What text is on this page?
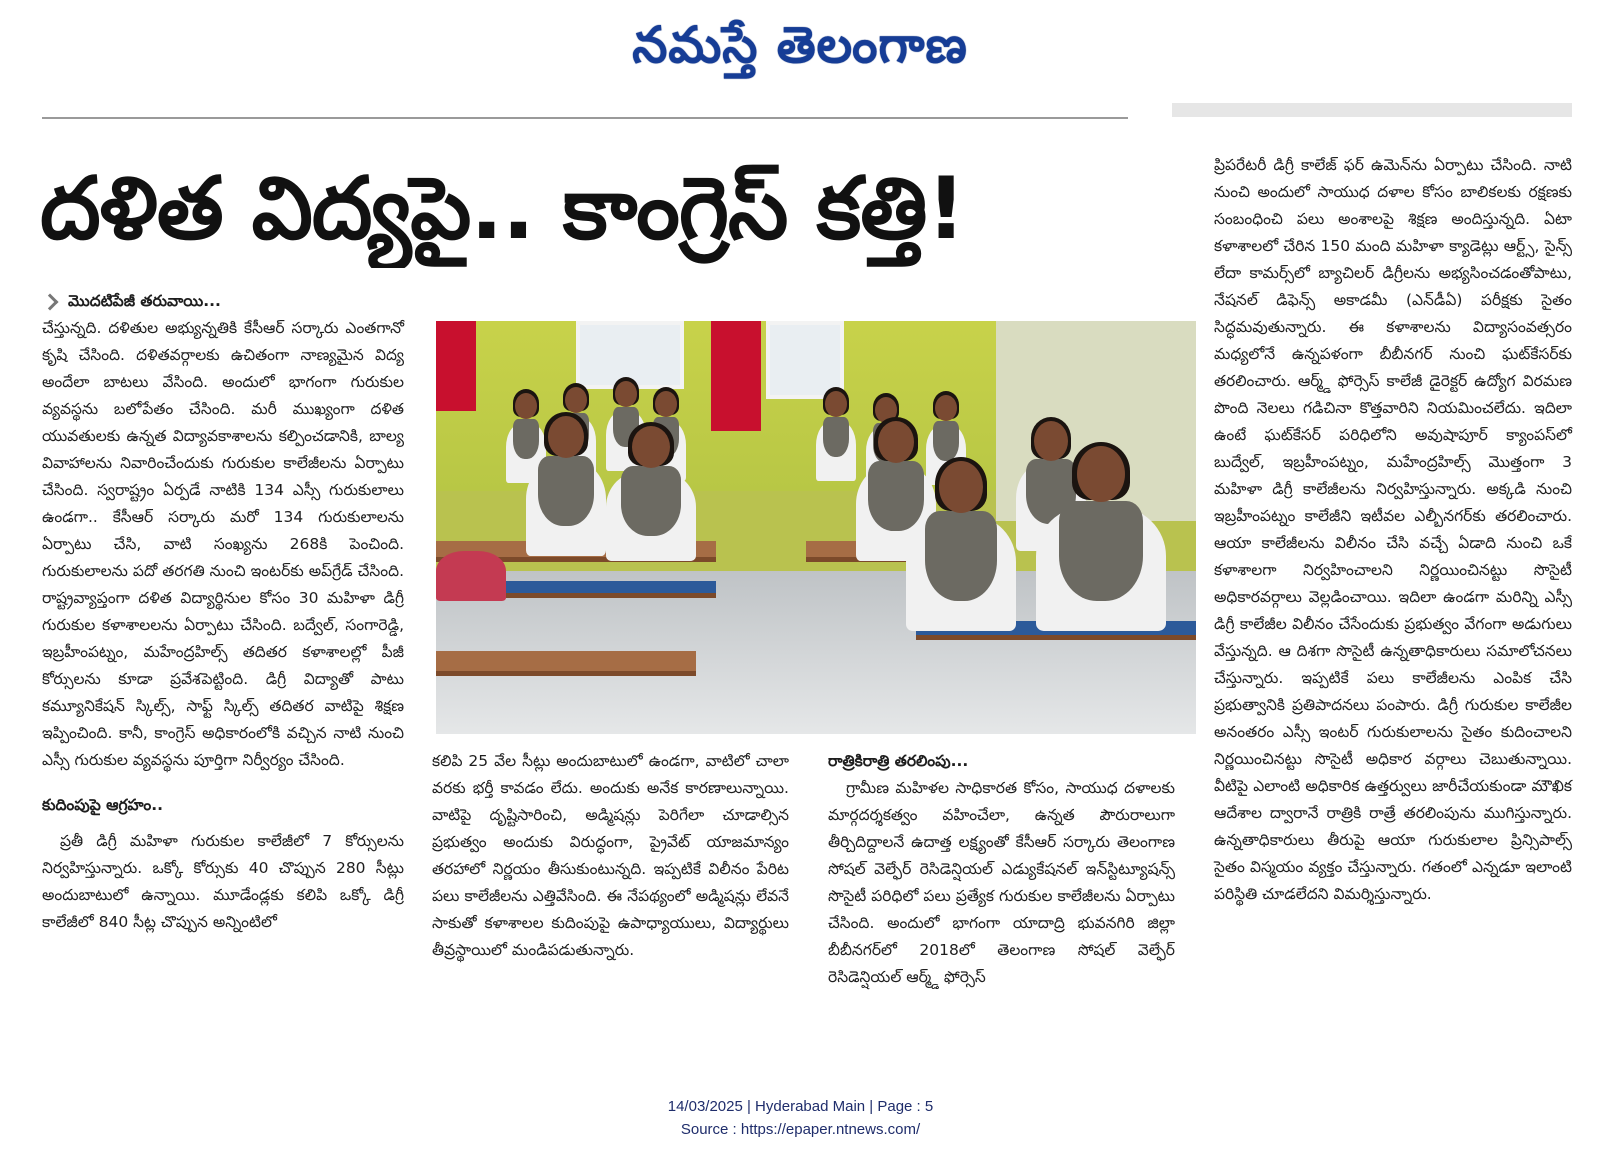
నమస్తే తెలంగాణ
దళిత విద్యపై.. కాంగ్రెస్ కత్తి!
మొదటిపేజీ తరువాయి...

చేస్తున్నది. దళితుల అభ్యున్నతికి కేసీఆర్ సర్కారు ఎంతగానో కృషి చేసింది. దళితవర్గాలకు ఉచితంగా నాణ్యమైన విద్య అందేలా బాటలు వేసింది. అందులో భాగంగా గురుకుల వ్యవస్థను బలోపేతం చేసింది. మరీ ముఖ్యంగా దళిత యువతులకు ఉన్నత విద్యావకాశాలను కల్పించడానికి, బాల్య వివాహాలను నివారించేందుకు గురుకుల కాలేజీలను ఏర్పాటు చేసింది. స్వరాష్ట్రం ఏర్పడే నాటికి 134 ఎస్సీ గురుకులాలు ఉండగా.. కేసీఆర్ సర్కారు మరో 134 గురుకులాలను ఏర్పాటు చేసి, వాటి సంఖ్యను 268కి పెంచింది. గురుకులాలను పదో తరగతి నుంచి ఇంటర్‌కు అప్‌గ్రేడ్ చేసింది. రాష్ట్రవ్యాప్తంగా దళిత విద్యార్థినుల కోసం 30 మహిళా డిగ్రీ గురుకుల కళాశాలలను ఏర్పాటు చేసింది. బద్వేల్, సంగారెడ్డి, ఇబ్రహీంపట్నం, మహేంద్రహిల్స్ తదితర కళాశాలల్లో పీజీ కోర్సులను కూడా ప్రవేశపెట్టింది. డిగ్రీ విద్యాతో పాటు కమ్యూనికేషన్ స్కిల్స్, సాఫ్ట్ స్కిల్స్ తదితర వాటిపై శిక్షణ ఇప్పించింది. కానీ, కాంగ్రెస్ అధికారంలోకి వచ్చిన నాటి నుంచి ఎస్సీ గురుకుల వ్యవస్థను పూర్తిగా నిర్వీర్యం చేసింది.

కుదింపుపై ఆగ్రహం..

ప్రతీ డిగ్రీ మహిళా గురుకుల కాలేజీలో 7 కోర్సులను నిర్వహిస్తున్నారు. ఒక్కో కోర్సుకు 40 చొప్పున 280 సీట్లు అందుబాటులో ఉన్నాయి. మూడేండ్లకు కలిపి ఒక్కో డిగ్రీ కాలేజీలో 840 సీట్ల చొప్పున అన్నింటిలో

కలిపి 25 వేల సీట్లు అందుబాటులో ఉండగా, వాటిలో చాలా వరకు భర్తీ కావడం లేదు. అందుకు అనేక కారణాలున్నాయి. వాటిపై దృష్టిసారించి, అడ్మిషన్లు పెరిగేలా చూడాల్సిన ప్రభుత్వం అందుకు విరుద్ధంగా, ప్రైవేట్ యాజమాన్యం తరహాలో నిర్ణయం తీసుకుంటున్నది. ఇప్పటికే విలీనం పేరిట పలు కాలేజీలను ఎత్తివేసింది. ఈ నేపథ్యంలో అడ్మిషన్లు లేవనే సాకుతో కళాశాలల కుదింపుపై ఉపాధ్యాయులు, విద్యార్థులు తీవ్రస్థాయిలో మండిపడుతున్నారు.

రాత్రికిరాత్రి తరలింపు...

గ్రామీణ మహిళల సాధికారత కోసం, సాయుధ దళాలకు మార్గదర్శకత్వం వహించేలా, ఉన్నత పౌరురాలుగా తీర్చిదిద్దాలనే ఉదాత్త లక్ష్యంతో కేసీఆర్ సర్కారు తెలంగాణ సోషల్ వెల్ఫేర్ రెసిడెన్షియల్ ఎడ్యుకేషనల్ ఇన్‌స్టిట్యూషన్స్ సొసైటీ పరిధిలో పలు ప్రత్యేక గురుకుల కాలేజీలను ఏర్పాటు చేసింది. అందులో భాగంగా యాదాద్రి భువనగిరి జిల్లా బీబీనగర్‌లో 2018లో తెలంగాణ సోషల్ వెల్ఫేర్ రెసిడెన్షియల్ ఆర్మ్డ్ ఫోర్సెస్

ప్రిపరేటరీ డిగ్రీ కాలేజ్ ఫర్ ఉమెన్‌ను ఏర్పాటు చేసింది. నాటి నుంచి అందులో సాయుధ దళాల కోసం బాలికలకు రక్షణకు సంబంధించి పలు అంశాలపై శిక్షణ అందిస్తున్నది. ఏటా కళాశాలలో చేరిన 150 మంది మహిళా క్యాడెట్లు ఆర్ట్స్, సైన్స్ లేదా కామర్స్‌లో బ్యాచిలర్ డిగ్రీలను అభ్యసించడంతోపాటు, నేషనల్ డిఫెన్స్ అకాడమీ (ఎన్‌డీఏ) పరీక్షకు సైతం సిద్ధమవుతున్నారు. ఈ కళాశాలను విద్యాసంవత్సరం మధ్యలోనే ఉన్నపళంగా బీబీనగర్ నుంచి ఘట్‌కేసర్‌కు తరలించారు. ఆర్మ్డ్ ఫోర్సెస్ కాలేజీ డైరెక్టర్ ఉద్యోగ విరమణ పొంది నెలలు గడిచినా కొత్తవారిని నియమించలేదు. ఇదిలా ఉంటే ఘట్‌కేసర్ పరిధిలోని అవుషాపూర్ క్యాంపస్‌లో బుద్వేల్, ఇబ్రహీంపట్నం, మహేంద్రహిల్స్ మొత్తంగా 3 మహిళా డిగ్రీ కాలేజీలను నిర్వహిస్తున్నారు. అక్కడి నుంచి ఇబ్రహీంపట్నం కాలేజీని ఇటీవల ఎల్బీనగర్‌కు తరలించారు. ఆయా కాలేజీలను విలీనం చేసి వచ్చే ఏడాది నుంచి ఒకే కళాశాలగా నిర్వహించాలని నిర్ణయించినట్టు సొసైటీ అధికారవర్గాలు వెల్లడించాయి. ఇదిలా ఉండగా మరిన్ని ఎస్సీ డిగ్రీ కాలేజీల విలీనం చేసేందుకు ప్రభుత్వం వేగంగా అడుగులు వేస్తున్నది. ఆ దిశగా సొసైటీ ఉన్నతాధికారులు సమాలోచనలు చేస్తున్నారు. ఇప్పటికే పలు కాలేజీలను ఎంపిక చేసి ప్రభుత్వానికి ప్రతిపాదనలు పంపారు. డిగ్రీ గురుకుల కాలేజీల అనంతరం ఎస్సీ ఇంటర్ గురుకులాలను సైతం కుదించాలని నిర్ణయించినట్టు సొసైటీ అధికార వర్గాలు చెబుతున్నాయి. వీటిపై ఎలాంటి అధికారిక ఉత్తర్వులు జారీచేయకుండా మౌఖిక ఆదేశాల ద్వారానే రాత్రికి రాత్రే తరలింపును ముగిస్తున్నారు. ఉన్నతాధికారులు తీరుపై ఆయా గురుకులాల ప్రిన్సిపాల్స్ సైతం విస్మయం వ్యక్తం చేస్తున్నారు. గతంలో ఎన్నడూ ఇలాంటి పరిస్థితి చూడలేదని విమర్శిస్తున్నారు.

14/03/2025 | Hyderabad Main | Page : 5
Source : https://epaper.ntnews.com/
